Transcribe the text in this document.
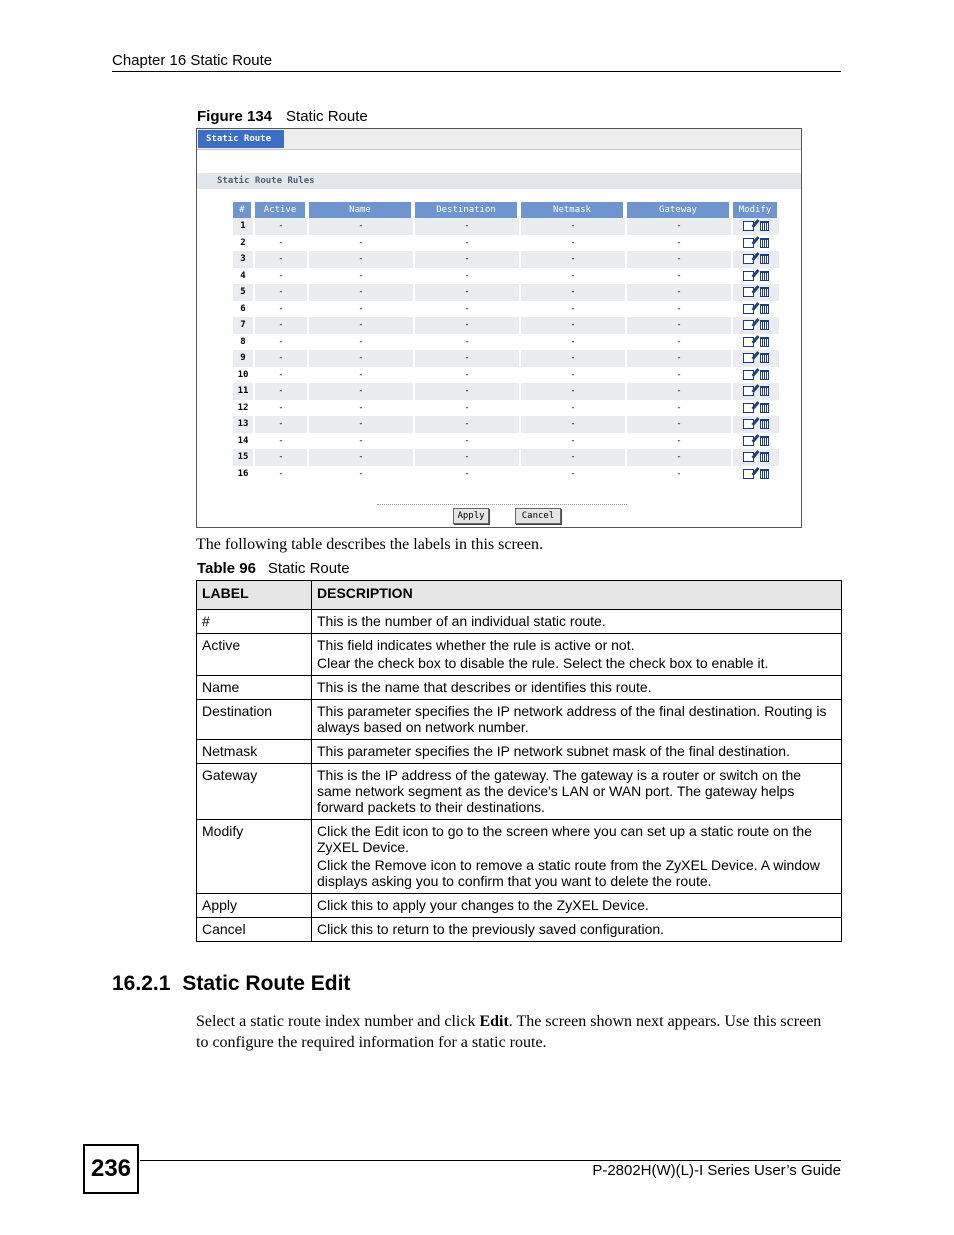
Chapter 16 Static Route
Figure 134 Static Route
Static Route
Static Route Rules
#	Active	Name	Destination	Netmask	Gateway	Modify
1	-	-	-	-	-	
2	-	-	-	-	-	
3	-	-	-	-	-	
4	-	-	-	-	-	
5	-	-	-	-	-	
6	-	-	-	-	-	
7	-	-	-	-	-	
8	-	-	-	-	-	
9	-	-	-	-	-	
10	-	-	-	-	-	
11	-	-	-	-	-	
12	-	-	-	-	-	
13	-	-	-	-	-	
14	-	-	-	-	-	
15	-	-	-	-	-	
16	-	-	-	-	-	
Apply	Cancel
The following table describes the labels in this screen.
Table 96 Static Route
LABEL	DESCRIPTION
#	This is the number of an individual static route.

Active	This field indicates whether the rule is active or not.

Clear the check box to disable the rule. Select the check box to enable it.

Name	This is the name that describes or identifies this route.

Destination	This parameter specifies the IP network address of the final destination. Routing is always based on network number.

Netmask	This parameter specifies the IP network subnet mask of the final destination.

Gateway	This is the IP address of the gateway. The gateway is a router or switch on the same network segment as the device's LAN or WAN port. The gateway helps forward packets to their destinations.

Modify	Click the Edit icon to go to the screen where you can set up a static route on the ZyXEL Device.

Click the Remove icon to remove a static route from the ZyXEL Device. A window displays asking you to confirm that you want to delete the route.

Apply	Click this to apply your changes to the ZyXEL Device.

Cancel	Click this to return to the previously saved configuration.

16.2.1 Static Route Edit
Select a static route index number and click Edit. The screen shown next appears. Use this screen to configure the required information for a static route.
236	P-2802H(W)(L)-I Series User’s Guide
